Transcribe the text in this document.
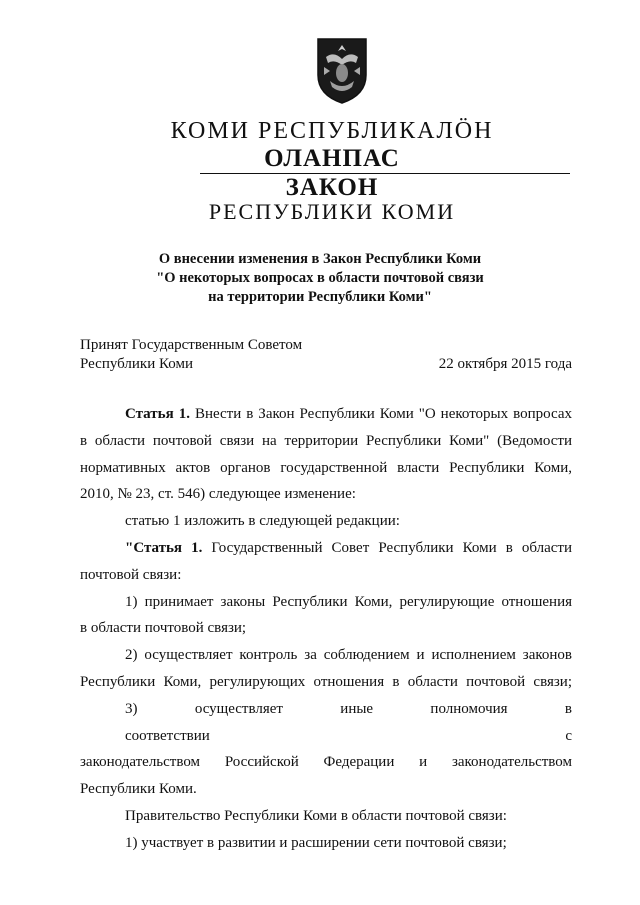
КОМИ РЕСПУБЛИКАЛÖН
ОЛАНПАС
ЗАКОН
РЕСПУБЛИКИ КОМИ
О внесении изменения в Закон Республики Коми
"О некоторых вопросах в области почтовой связи
на территории Республики Коми"
Принят Государственным Советом
Республики Коми	22 октября 2015 года
Статья 1. Внести в Закон Республики Коми "О некоторых вопросах
в области почтовой связи на территории Республики Коми" (Ведомости
нормативных актов органов государственной власти Республики Коми,
2010, № 23, ст. 546) следующее изменение:
статью 1 изложить в следующей редакции:
"Статья 1. Государственный Совет Республики Коми в области
почтовой связи:
1) принимает законы Республики Коми, регулирующие отношения
в области почтовой связи;
2) осуществляет контроль за соблюдением и исполнением законов
Республики Коми, регулирующих отношения в области почтовой связи;
3) осуществляет иные полномочия в соответствии с
законодательством Российской Федерации и законодательством
Республики Коми.
Правительство Республики Коми в области почтовой связи:
1) участвует в развитии и расширении сети почтовой связи;
